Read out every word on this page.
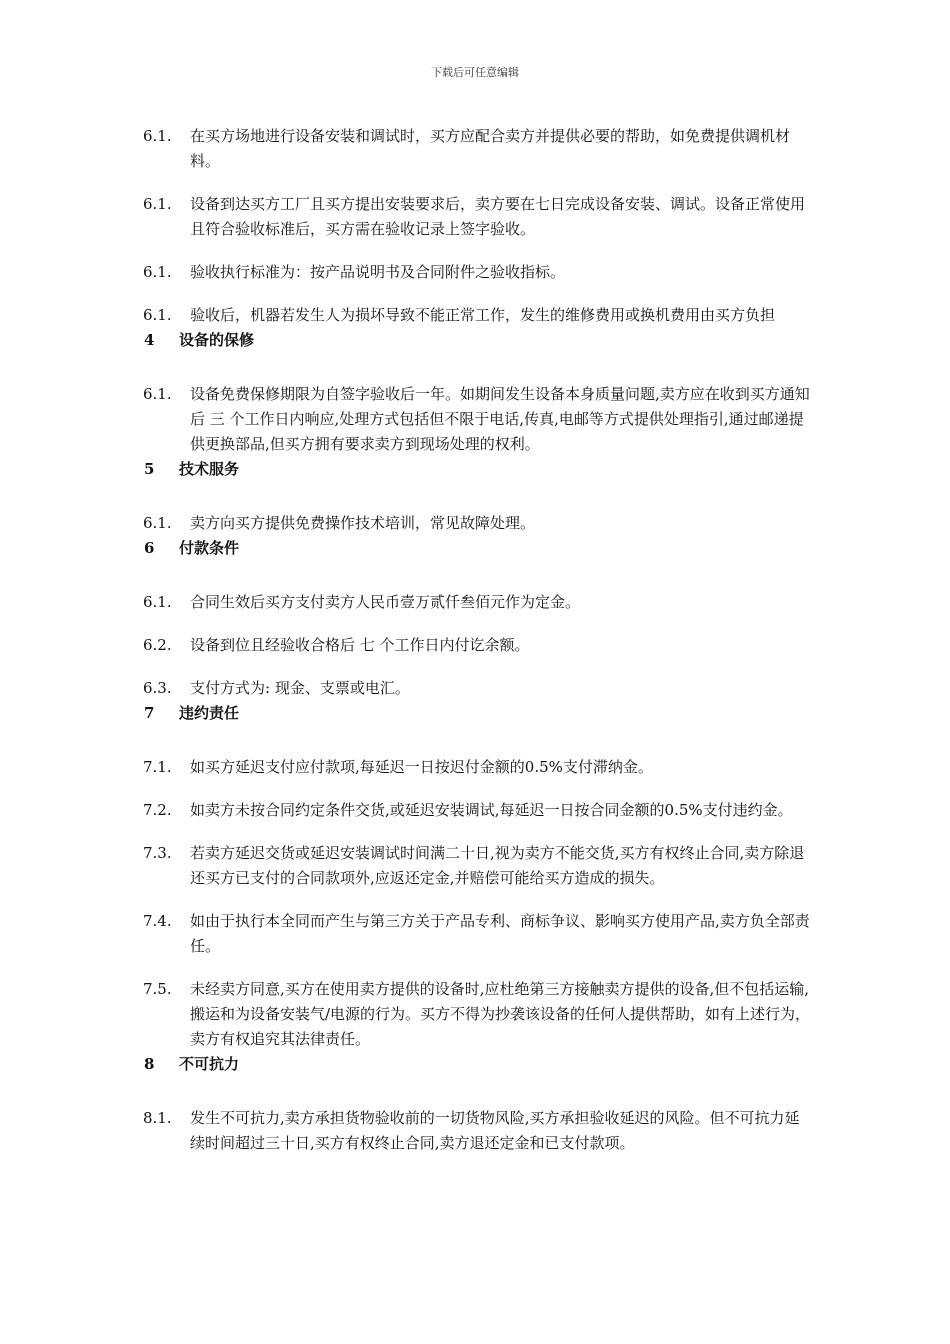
下载后可任意编辑
6.1. 在买方场地进行设备安装和调试时，买方应配合卖方并提供必要的帮助，如免费提供调机材料。
6.1. 设备到达买方工厂且买方提出安装要求后，卖方要在七日完成设备安装、调试。设备正常使用且符合验收标准后，买方需在验收记录上签字验收。
6.1. 验收执行标准为：按产品说明书及合同附件之验收指标。
6.1. 验收后，机器若发生人为损坏导致不能正常工作，发生的维修费用或换机费用由买方负担
4 设备的保修
6.1. 设备免费保修期限为自签字验收后一年。如期间发生设备本身质量问题,卖方应在收到买方通知后 三 个工作日内响应,处理方式包括但不限于电话,传真,电邮等方式提供处理指引,通过邮递提供更换部品,但买方拥有要求卖方到现场处理的权利。
5 技术服务
6.1. 卖方向买方提供免费操作技术培训，常见故障处理。
6 付款条件
6.1. 合同生效后买方支付卖方人民币壹万贰仟叁佰元作为定金。
6.2. 设备到位且经验收合格后 七 个工作日内付讫余额。
6.3. 支付方式为: 现金、支票或电汇。
7 违约责任
7.1. 如买方延迟支付应付款项,每延迟一日按迟付金额的0.5%支付滞纳金。
7.2. 如卖方未按合同约定条件交货,或延迟安装调试,每延迟一日按合同金额的0.5%支付违约金。
7.3. 若卖方延迟交货或延迟安装调试时间满二十日,视为卖方不能交货,买方有权终止合同,卖方除退还买方已支付的合同款项外,应返还定金,并赔偿可能给买方造成的损失。
7.4. 如由于执行本全同而产生与第三方关于产品专利、商标争议、影响买方使用产品,卖方负全部责任。
7.5. 未经卖方同意,买方在使用卖方提供的设备时,应杜绝第三方接触卖方提供的设备,但不包括运输,搬运和为设备安装气/电源的行为。买方不得为抄袭该设备的任何人提供帮助，如有上述行为，卖方有权追究其法律责任。
8 不可抗力
8.1. 发生不可抗力,卖方承担货物验收前的一切货物风险,买方承担验收延迟的风险。但不可抗力延续时间超过三十日,买方有权终止合同,卖方退还定金和已支付款项。
